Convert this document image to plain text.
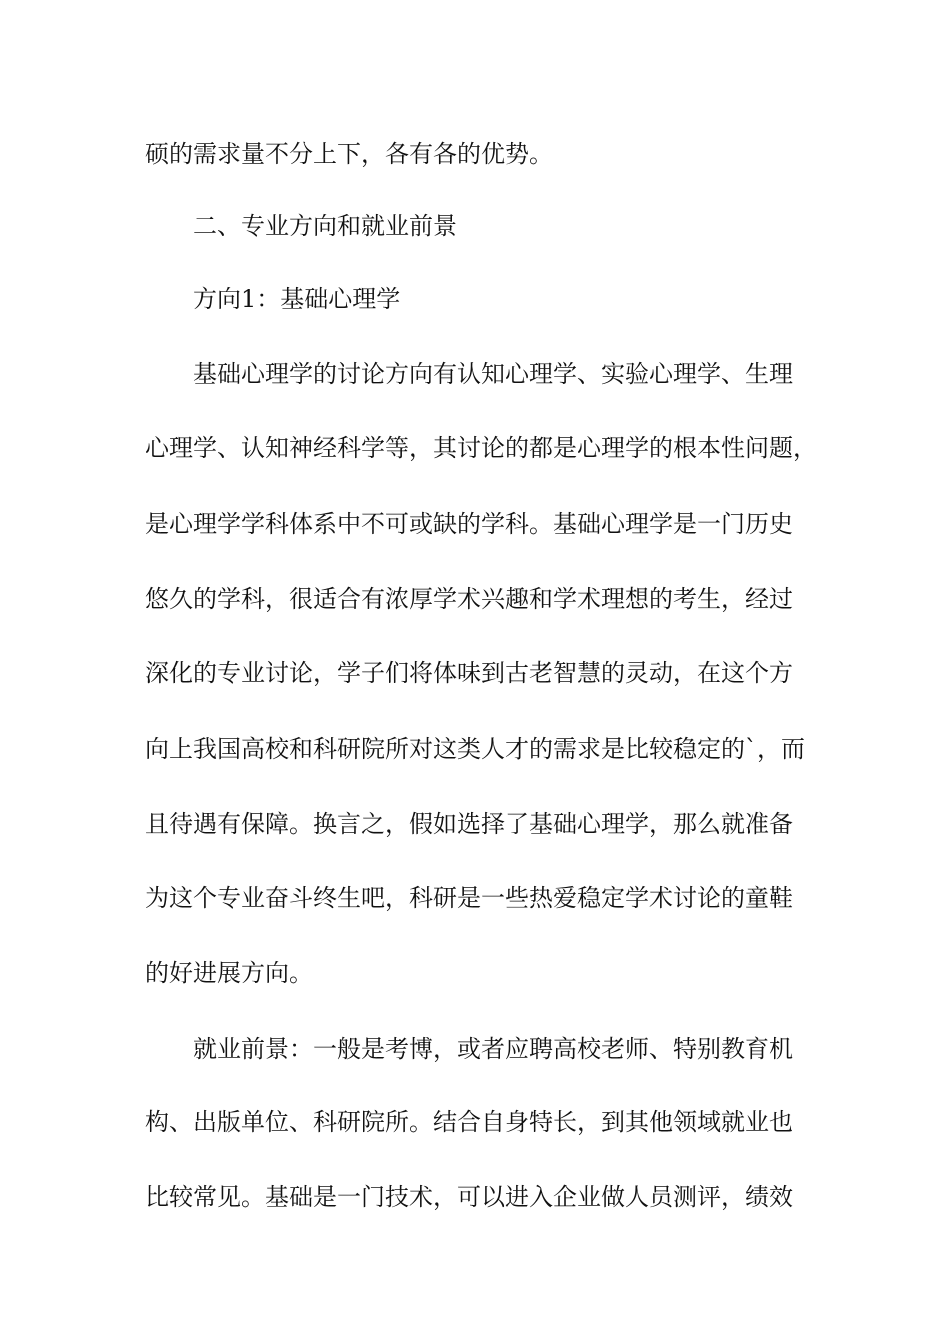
硕的需求量不分上下，各有各的优势。
二、专业方向和就业前景
方向1：基础心理学
基础心理学的讨论方向有认知心理学、实验心理学、生理
心理学、认知神经科学等，其讨论的都是心理学的根本性问题，
是心理学学科体系中不可或缺的学科。基础心理学是一门历史
悠久的学科，很适合有浓厚学术兴趣和学术理想的考生，经过
深化的专业讨论，学子们将体味到古老智慧的灵动，在这个方
向上我国高校和科研院所对这类人才的需求是比较稳定的`，而
且待遇有保障。换言之，假如选择了基础心理学，那么就准备
为这个专业奋斗终生吧，科研是一些热爱稳定学术讨论的童鞋
的好进展方向。
就业前景：一般是考博，或者应聘高校老师、特别教育机
构、出版单位、科研院所。结合自身特长，到其他领域就业也
比较常见。基础是一门技术，可以进入企业做人员测评，绩效
